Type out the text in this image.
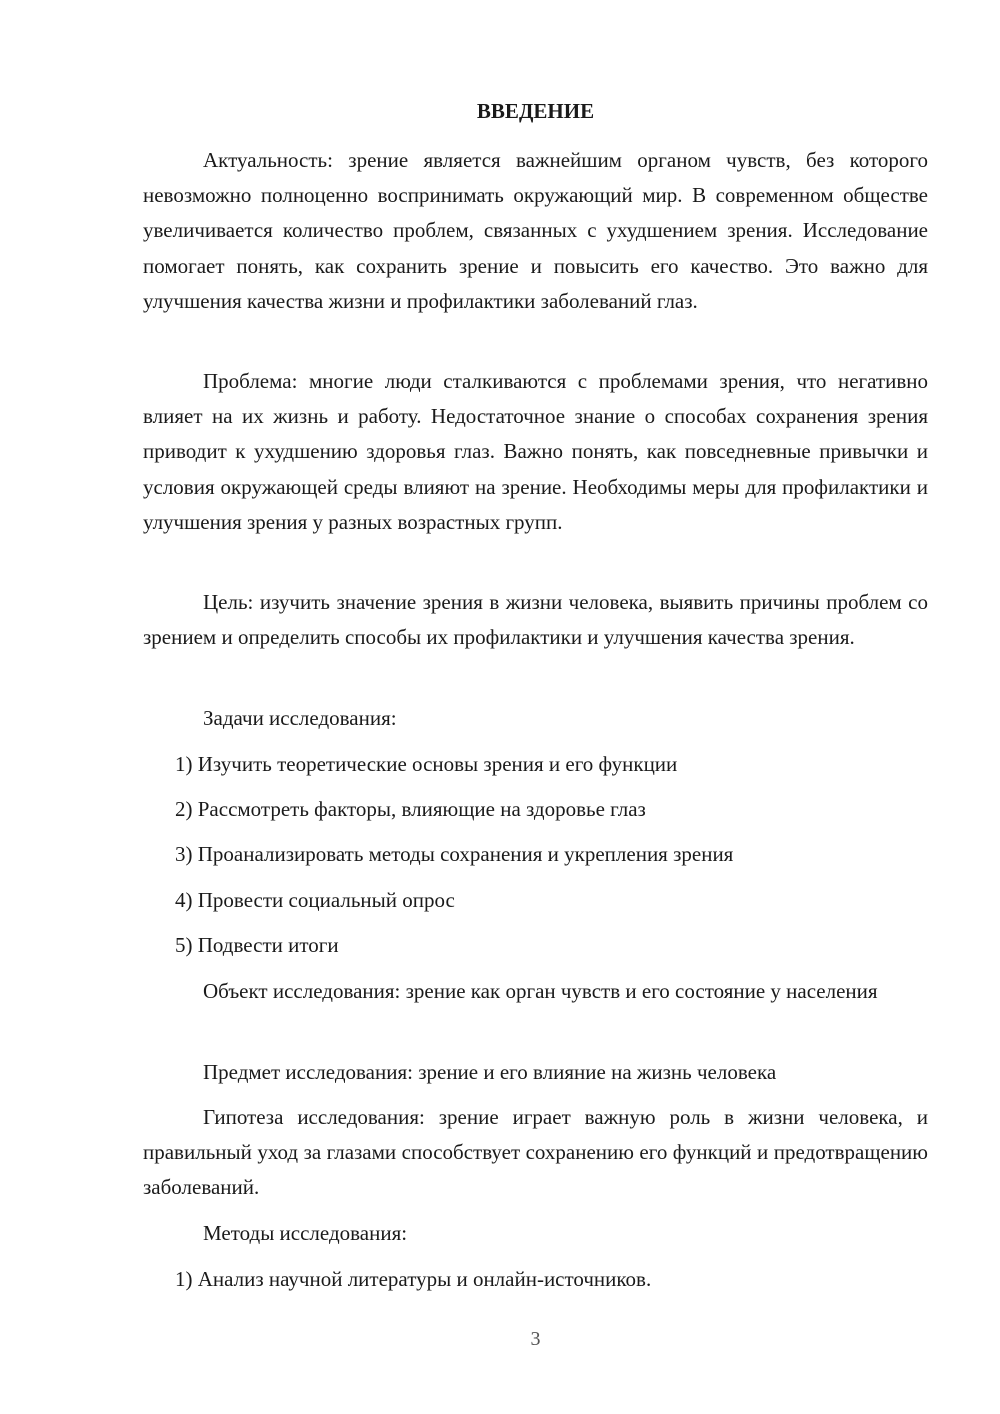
ВВЕДЕНИЕ

Актуальность: зрение является важнейшим органом чувств, без которого невозможно полноценно воспринимать окружающий мир. В современном обществе увеличивается количество проблем, связанных с ухудшением зрения. Исследование помогает понять, как сохранить зрение и повысить его качество. Это важно для улучшения качества жизни и профилактики заболеваний глаз.

Проблема: многие люди сталкиваются с проблемами зрения, что негативно влияет на их жизнь и работу. Недостаточное знание о способах сохранения зрения приводит к ухудшению здоровья глаз. Важно понять, как повседневные привычки и условия окружающей среды влияют на зрение. Необходимы меры для профилактики и улучшения зрения у разных возрастных групп.

Цель: изучить значение зрения в жизни человека, выявить причины проблем со зрением и определить способы их профилактики и улучшения качества зрения.

Задачи исследования:

1) Изучить теоретические основы зрения и его функции

2) Рассмотреть факторы, влияющие на здоровье глаз

3) Проанализировать методы сохранения и укрепления зрения

4) Провести социальный опрос

5) Подвести итоги

Объект исследования: зрение как орган чувств и его состояние у населения

Предмет исследования: зрение и его влияние на жизнь человека

Гипотеза исследования: зрение играет важную роль в жизни человека, и правильный уход за глазами способствует сохранению его функций и предотвращению заболеваний.

Методы исследования:

1) Анализ научной литературы и онлайн-источников.

3
